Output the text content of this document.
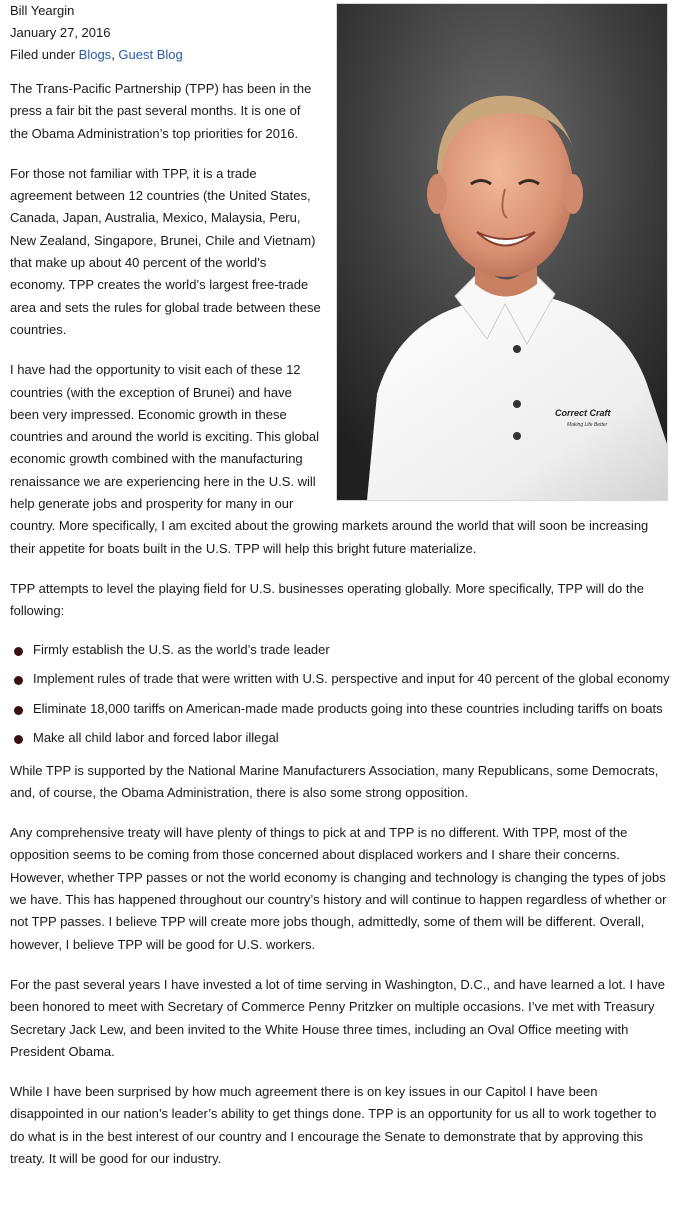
Correct Craft
Making Life Better
Bill Yeargin
January 27, 2016
Filed under Blogs, Guest Blog

The Trans-Pacific Partnership (TPP) has been in the press a fair bit the past several months. It is one of the Obama Administration’s top priorities for 2016.

For those not familiar with TPP, it is a trade agreement between 12 countries (the United States, Canada, Japan, Australia, Mexico, Malaysia, Peru, New Zealand, Singapore, Brunei, Chile and Vietnam) that make up about 40 percent of the world’s economy. TPP creates the world’s largest free-trade area and sets the rules for global trade between these countries.

I have had the opportunity to visit each of these 12 countries (with the exception of Brunei) and have been very impressed. Economic growth in these countries and around the world is exciting. This global economic growth combined with the manufacturing renaissance we are experiencing here in the U.S. will help generate jobs and prosperity for many in our country. More specifically, I am excited about the growing markets around the world that will soon be increasing their appetite for boats built in the U.S. TPP will help this bright future materialize.

TPP attempts to level the playing field for U.S. businesses operating globally. More specifically, TPP will do the following:

Firmly establish the U.S. as the world’s trade leader
Implement rules of trade that were written with U.S. perspective and input for 40 percent of the global economy
Eliminate 18,000 tariffs on American-made made products going into these countries including tariffs on boats
Make all child labor and forced labor illegal

While TPP is supported by the National Marine Manufacturers Association, many Republicans, some Democrats, and, of course, the Obama Administration, there is also some strong opposition.

Any comprehensive treaty will have plenty of things to pick at and TPP is no different. With TPP, most of the opposition seems to be coming from those concerned about displaced workers and I share their concerns. However, whether TPP passes or not the world economy is changing and technology is changing the types of jobs we have. This has happened throughout our country’s history and will continue to happen regardless of whether or not TPP passes. I believe TPP will create more jobs though, admittedly, some of them will be different. Overall, however, I believe TPP will be good for U.S. workers.

For the past several years I have invested a lot of time serving in Washington, D.C., and have learned a lot. I have been honored to meet with Secretary of Commerce Penny Pritzker on multiple occasions. I’ve met with Treasury Secretary Jack Lew, and been invited to the White House three times, including an Oval Office meeting with President Obama.

While I have been surprised by how much agreement there is on key issues in our Capitol I have been disappointed in our nation’s leader’s ability to get things done. TPP is an opportunity for us all to work together to do what is in the best interest of our country and I encourage the Senate to demonstrate that by approving this treaty. It will be good for our industry.
